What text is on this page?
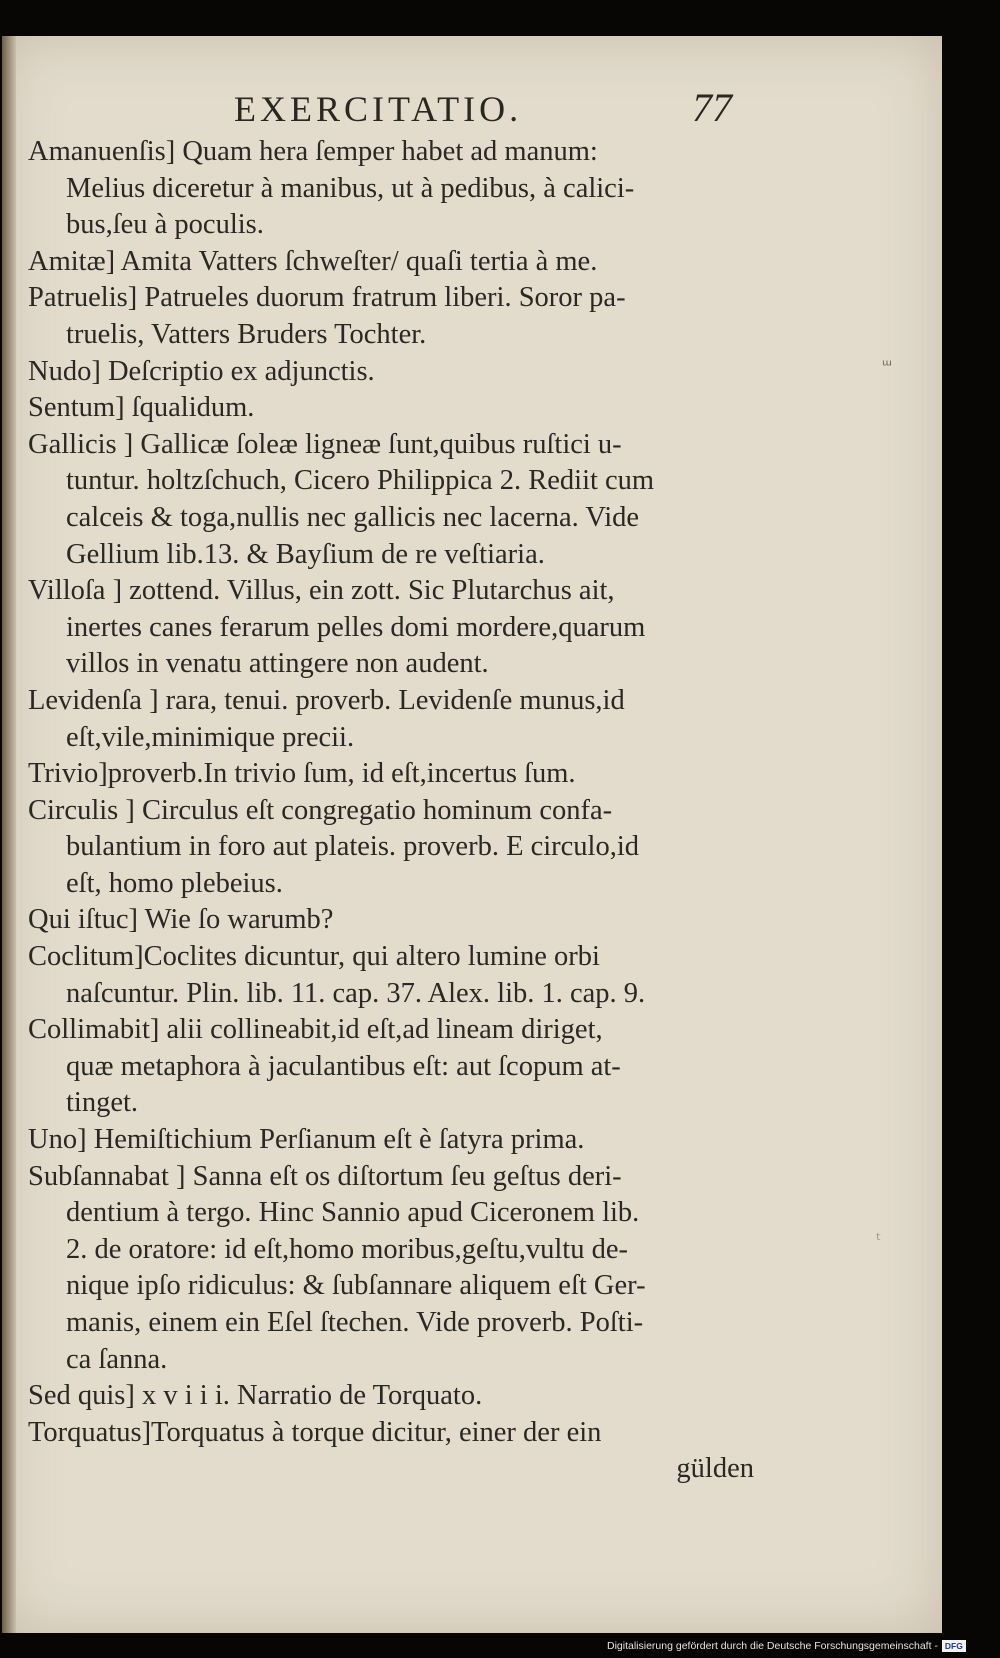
EXERCITATIO.	77
ᵚ
ᵗ
Amanuenſis] Quam hera ſemper habet ad manum:
Melius diceretur à manibus, ut à pedibus, à calici-
bus,ſeu à poculis.
Amitæ] Amita Vatters ſchweſter/ quaſi tertia à me.
Patruelis] Patrueles duorum fratrum liberi. Soror pa-
truelis, Vatters Bruders Tochter.
Nudo] Deſcriptio ex adjunctis.
Sentum] ſqualidum.
Gallicis ] Gallicæ ſoleæ ligneæ ſunt,quibus ruſtici u-
tuntur. holtzſchuch, Cicero Philippica 2. Rediit cum
calceis & toga,nullis nec gallicis nec lacerna. Vide
Gellium lib.13. & Bayſium de re veſtiaria.
Villoſa ] zottend. Villus, ein zott. Sic Plutarchus ait,
inertes canes ferarum pelles domi mordere,quarum
villos in venatu attingere non audent.
Levidenſa ] rara, tenui. proverb. Levidenſe munus,id
eſt,vile,minimique precii.
Trivio]proverb.In trivio ſum, id eſt,incertus ſum.
Circulis ] Circulus eſt congregatio hominum confa-
bulantium in foro aut plateis. proverb. E circulo,id
eſt, homo plebeius.
Qui iſtuc] Wie ſo warumb?
Coclitum]Coclites dicuntur, qui altero lumine orbi
naſcuntur. Plin. lib. 11. cap. 37. Alex. lib. 1. cap. 9.
Collimabit] alii collineabit,id eſt,ad lineam diriget,
quæ metaphora à jaculantibus eſt: aut ſcopum at-
tinget.
Uno] Hemiſtichium Perſianum eſt è ſatyra prima.
Subſannabat ] Sanna eſt os diſtortum ſeu geſtus deri-
dentium à tergo. Hinc Sannio apud Ciceronem lib.
2. de oratore: id eſt,homo moribus,geſtu,vultu de-
nique ipſo ridiculus: & ſubſannare aliquem eſt Ger-
manis, einem ein Eſel ſtechen. Vide proverb. Poſti-
ca ſanna.
Sed quis] x v i i i. Narratio de Torquato.
Torquatus]Torquatus à torque dicitur, einer der ein
gülden
Digitalisierung gefördert durch die Deutsche Forschungsgemeinschaft - DFG
